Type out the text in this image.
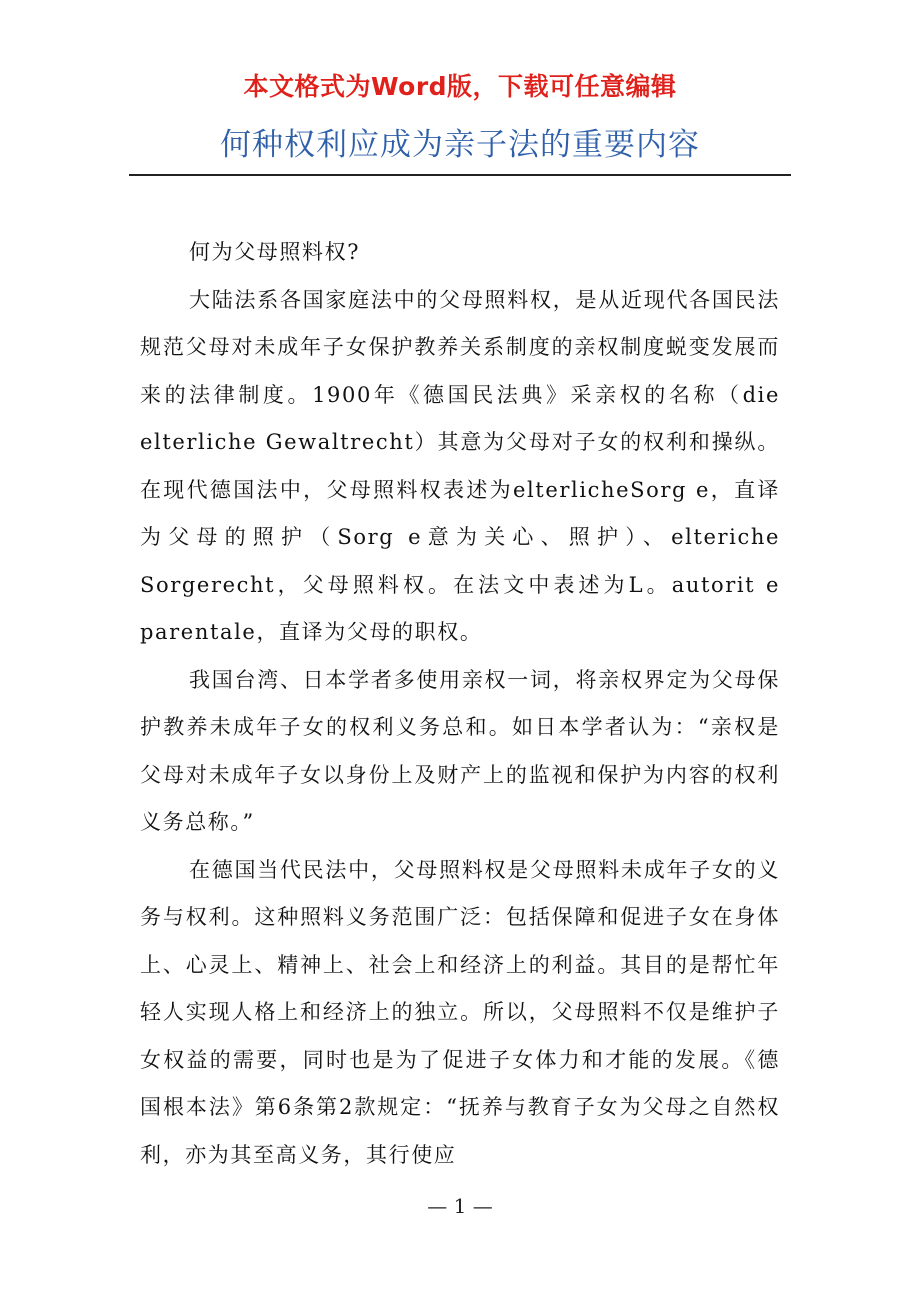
本文格式为Word版，下载可任意编辑
何种权利应成为亲子法的重要内容

何为父母照料权?

大陆法系各国家庭法中的父母照料权，是从近现代各国民法规范父母对未成年子女保护教养关系制度的亲权制度蜕变发展而来的法律制度。1900年《德国民法典》采亲权的名称（die elterliche Gewaltrecht）其意为父母对子女的权利和操纵。在现代德国法中，父母照料权表述为elterlicheSorg e，直译为父母的照护（Sorg e意为关心、照护）、elteriche Sorgerecht，父母照料权。在法文中表述为L。autorit e parentale，直译为父母的职权。

我国台湾、日本学者多使用亲权一词，将亲权界定为父母保护教养未成年子女的权利义务总和。如日本学者认为：“亲权是父母对未成年子女以身份上及财产上的监视和保护为内容的权利义务总称。”

在德国当代民法中，父母照料权是父母照料未成年子女的义务与权利。这种照料义务范围广泛：包括保障和促进子女在身体上、心灵上、精神上、社会上和经济上的利益。其目的是帮忙年轻人实现人格上和经济上的独立。所以，父母照料不仅是维护子女权益的需要，同时也是为了促进子女体力和才能的发展。《德国根本法》第6条第2款规定：“抚养与教育子女为父母之自然权利，亦为其至高义务，其行使应

— 1 —
